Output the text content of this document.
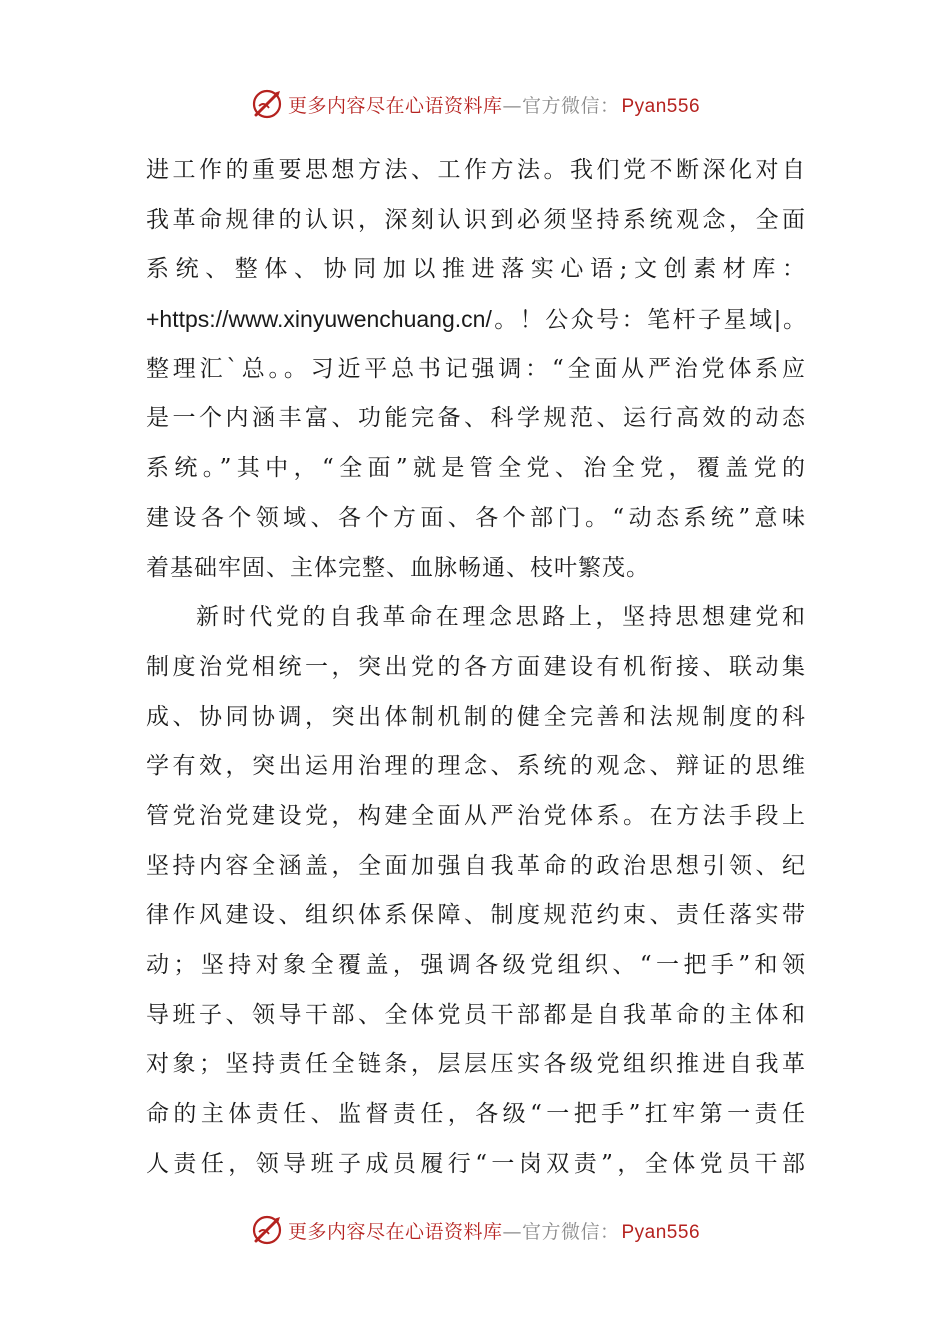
更多内容尽在心语资料库—官方微信： Pyan556
进工作的重要思想方法、工作方法。我们党不断深化对自
我革命规律的认识，深刻认识到必须坚持系统观念，全面
系统、整体、协同加以推进落实心语;文创素材库：
+https://www.xinyuwenchuang.cn/。！公众号：笔杆子星域|。
整理汇`总。。习近平总书记强调：“全面从严治党体系应
是一个内涵丰富、功能完备、科学规范、运行高效的动态
系统。”其中，“全面”就是管全党、治全党，覆盖党的
建设各个领域、各个方面、各个部门。“动态系统”意味
着基础牢固、主体完整、血脉畅通、枝叶繁茂。
新时代党的自我革命在理念思路上，坚持思想建党和
制度治党相统一，突出党的各方面建设有机衔接、联动集
成、协同协调，突出体制机制的健全完善和法规制度的科
学有效，突出运用治理的理念、系统的观念、辩证的思维
管党治党建设党，构建全面从严治党体系。在方法手段上
坚持内容全涵盖，全面加强自我革命的政治思想引领、纪
律作风建设、组织体系保障、制度规范约束、责任落实带
动；坚持对象全覆盖，强调各级党组织、“一把手”和领
导班子、领导干部、全体党员干部都是自我革命的主体和
对象；坚持责任全链条，层层压实各级党组织推进自我革
命的主体责任、监督责任，各级“一把手”扛牢第一责任
人责任，领导班子成员履行“一岗双责”，全体党员干部
更多内容尽在心语资料库—官方微信： Pyan556
